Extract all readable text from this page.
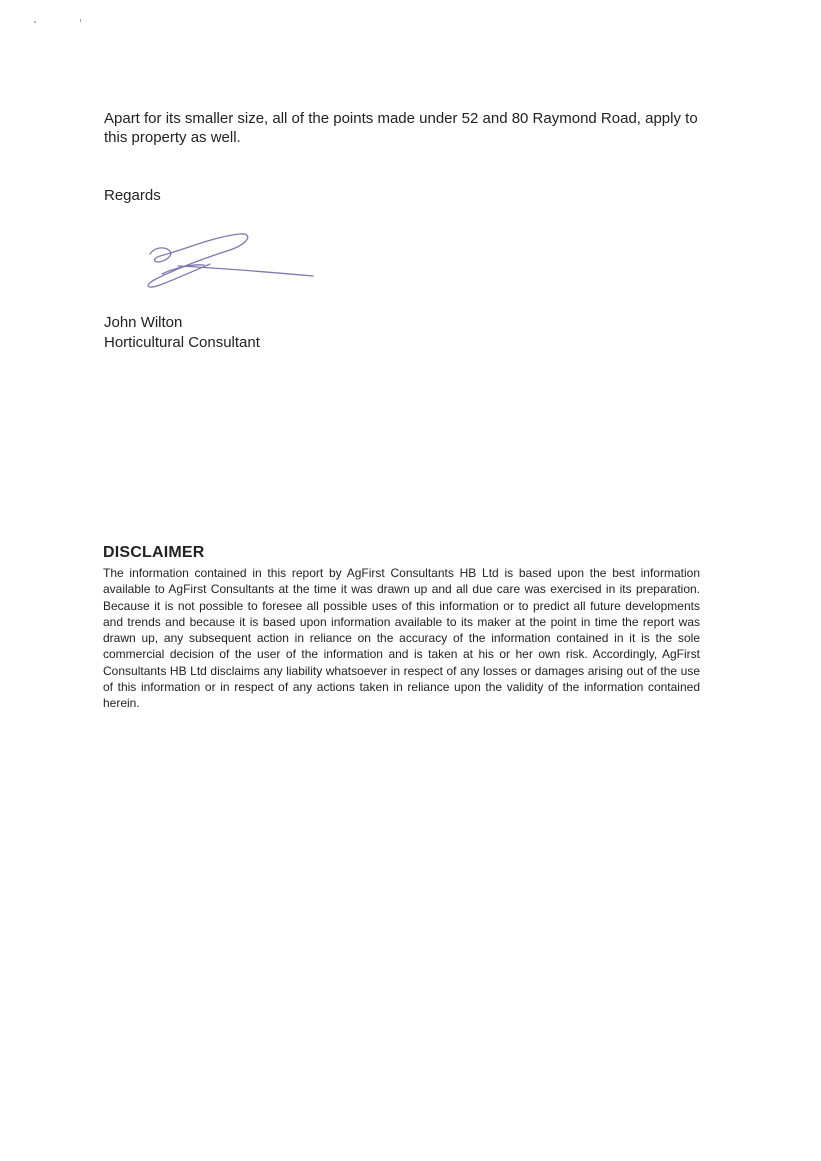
Apart for its smaller size, all of the points made under 52 and 80 Raymond Road, apply to this property as well.

Regards

John Wilton
Horticultural Consultant
DISCLAIMER

The information contained in this report by AgFirst Consultants HB Ltd is based upon the best information available to AgFirst Consultants at the time it was drawn up and all due care was exercised in its preparation. Because it is not possible to foresee all possible uses of this information or to predict all future developments and trends and because it is based upon information available to its maker at the point in time the report was drawn up, any subsequent action in reliance on the accuracy of the information contained in it is the sole commercial decision of the user of the information and is taken at his or her own risk. Accordingly, AgFirst Consultants HB Ltd disclaims any liability whatsoever in respect of any losses or damages arising out of the use of this information or in respect of any actions taken in reliance upon the validity of the information contained herein.
